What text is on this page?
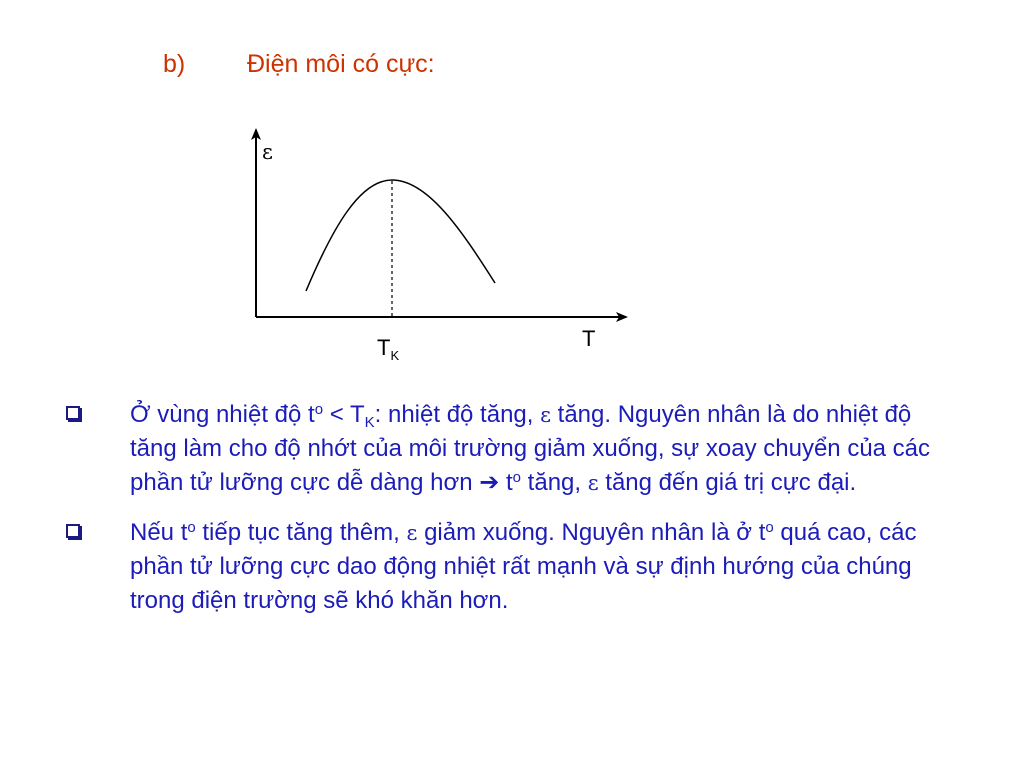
b) Điện môi có cực:
ε
T
$T_K$
Ở vùng nhiệt độ $t^o < T_K$: nhiệt độ tăng, ε tăng. Nguyên nhân là do nhiệt độ tăng làm cho độ nhớt của môi trường giảm xuống, sự xoay chuyển của các phần tử lưỡng cực dễ dàng hơn ➔ $t^o$ tăng, ε tăng đến giá trị cực đại.
Nếu $t^o$ tiếp tục tăng thêm, ε giảm xuống. Nguyên nhân là ở $t^o$ quá cao, các phần tử lưỡng cực dao động nhiệt rất mạnh và sự định hướng của chúng trong điện trường sẽ khó khăn hơn.
